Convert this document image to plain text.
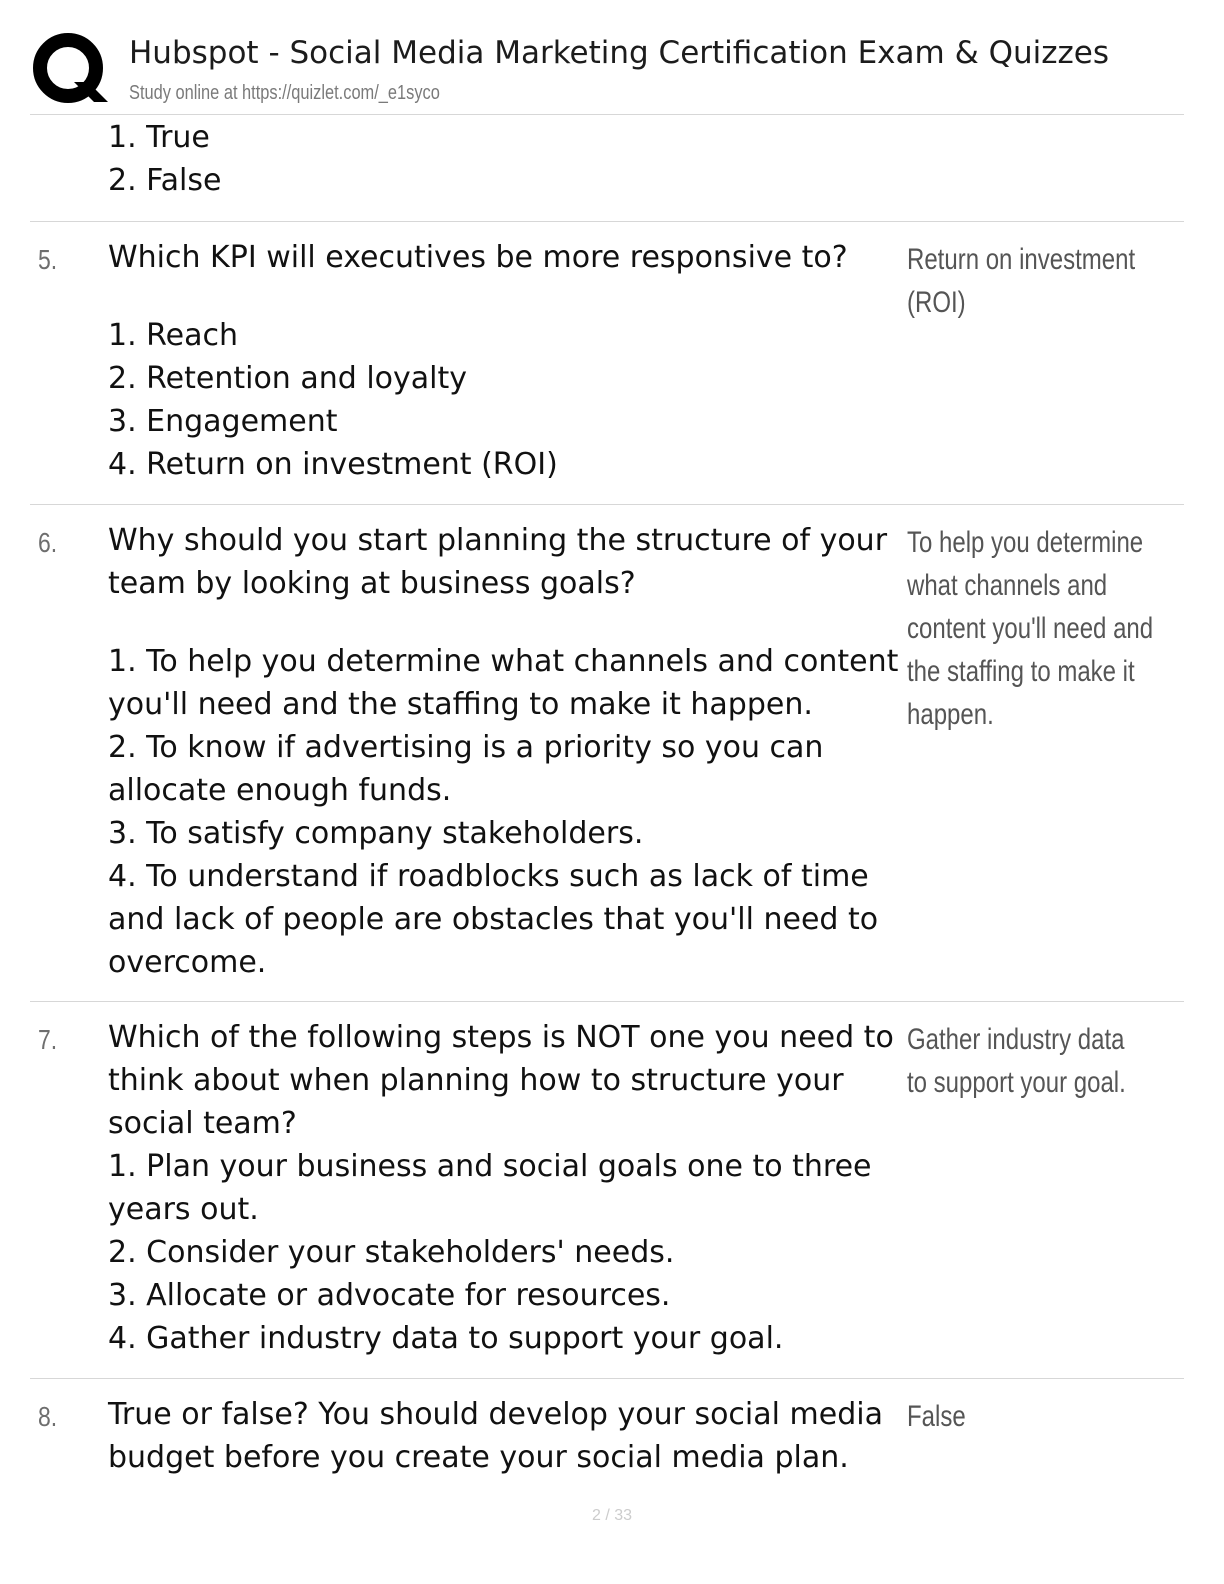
Hubspot - Social Media Marketing Certification Exam & Quizzes
Study online at https://quizlet.com/_e1syco
1. True
2. False
5.	Which KPI will executives be more responsive to?

1. Reach
2. Retention and loyalty
3. Engagement
4. Return on investment (ROI)
Return on investment (ROI)
6.	Why should you start planning the structure of your team by looking at business goals?

1. To help you determine what channels and content you'll need and the staffing to make it happen.
2. To know if advertising is a priority so you can allocate enough funds.
3. To satisfy company stakeholders.
4. To understand if roadblocks such as lack of time and lack of people are obstacles that you'll need to overcome.
To help you determine what channels and content you'll need and the staffing to make it happen.
7.	Which of the following steps is NOT one you need to think about when planning how to structure your social team?

1. Plan your business and social goals one to three years out.
2. Consider your stakeholders' needs.
3. Allocate or advocate for resources.
4. Gather industry data to support your goal.
Gather industry data to support your goal.
8.	True or false? You should develop your social media budget before you create your social media plan.

False
2 / 33
